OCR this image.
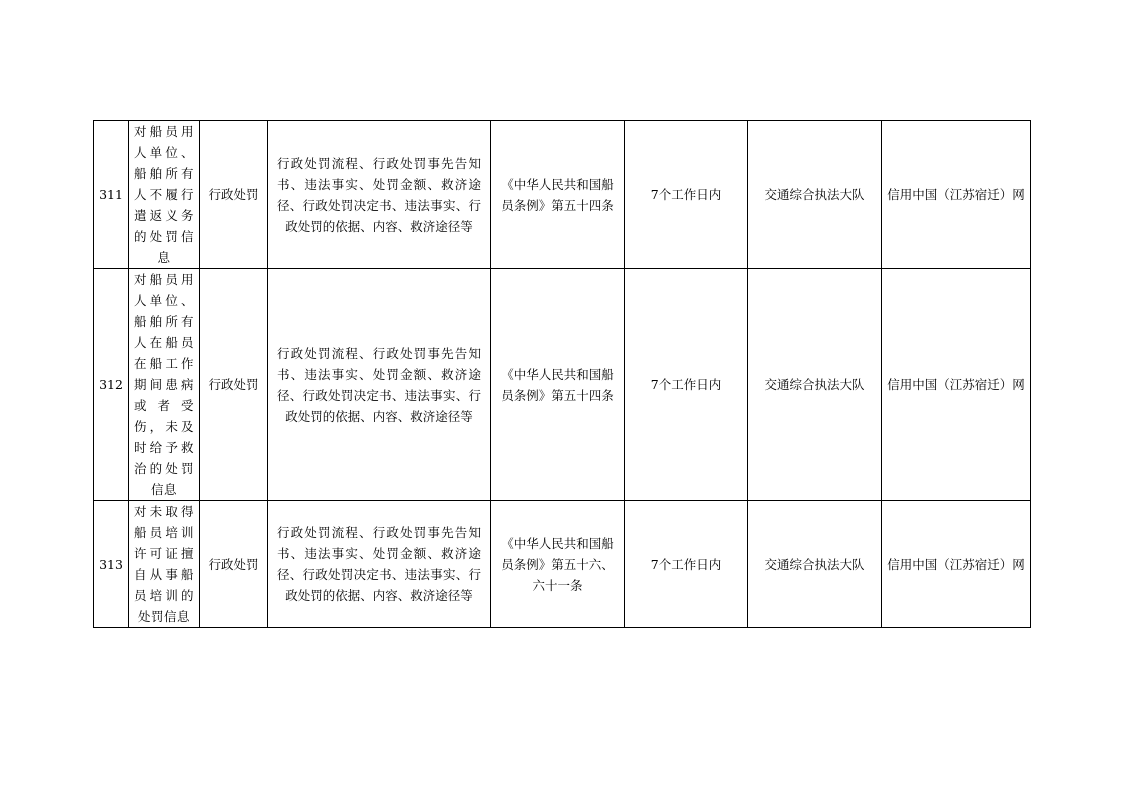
311	对船员用人单位、船舶所有人不履行遣返义务的处罚信息	行政处罚	行政处罚流程、行政处罚事先告知书、违法事实、处罚金额、救济途径、行政处罚决定书、违法事实、行政处罚的依据、内容、救济途径等	《中华人民共和国船员条例》第五十四条	7个工作日内	交通综合执法大队	信用中国（江苏宿迁）网

312	对船员用人单位、船舶所有人在船员在船工作期间患病或者受伤，未及时给予救治的处罚信息	行政处罚	行政处罚流程、行政处罚事先告知书、违法事实、处罚金额、救济途径、行政处罚决定书、违法事实、行政处罚的依据、内容、救济途径等	《中华人民共和国船员条例》第五十四条	7个工作日内	交通综合执法大队	信用中国（江苏宿迁）网

313	对未取得船员培训许可证擅自从事船员培训的处罚信息	行政处罚	行政处罚流程、行政处罚事先告知书、违法事实、处罚金额、救济途径、行政处罚决定书、违法事实、行政处罚的依据、内容、救济途径等	《中华人民共和国船员条例》第五十六、六十一条	7个工作日内	交通综合执法大队	信用中国（江苏宿迁）网
